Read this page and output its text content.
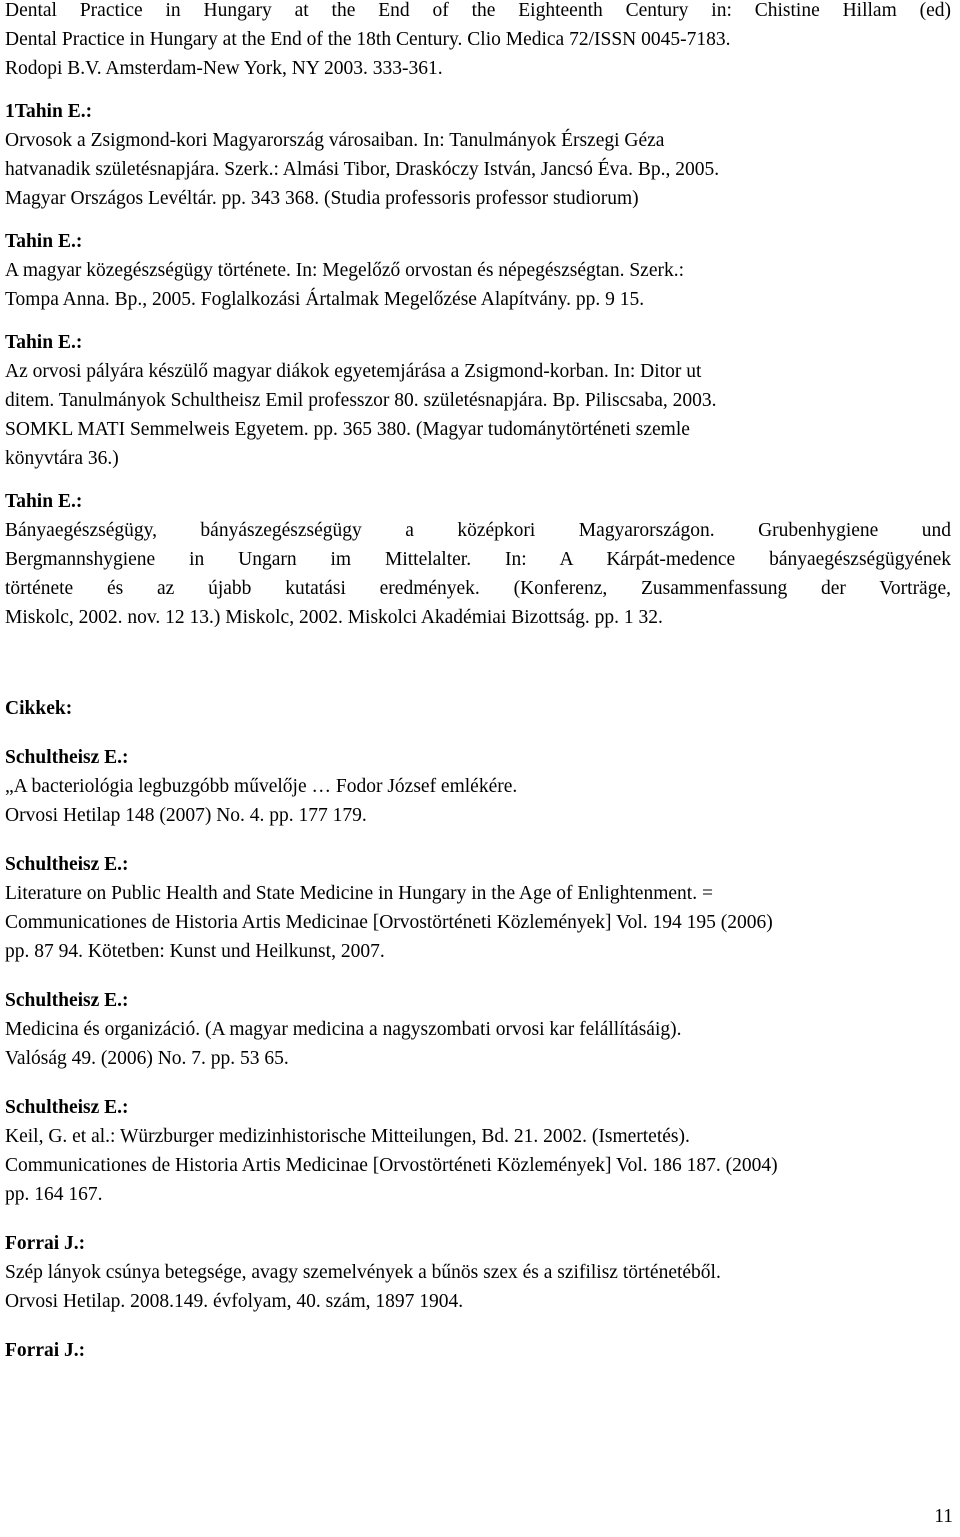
Dental Practice in Hungary at the End of the Eighteenth Century in: Chistine Hillam (ed)
Dental Practice in Hungary at the End of the 18th Century. Clio Medica 72/ISSN 0045-7183.
Rodopi B.V. Amsterdam-New York, NY 2003. 333-361.
1Tahin E.:
Orvosok a Zsigmond-kori Magyarország városaiban. In: Tanulmányok Érszegi Géza
hatvanadik születésnapjára. Szerk.: Almási Tibor, Draskóczy István, Jancsó Éva. Bp., 2005.
Magyar Országos Levéltár. pp. 343 368. (Studia professoris professor studiorum)
Tahin E.:
A magyar közegészségügy története. In: Megelőző orvostan és népegészségtan. Szerk.:
Tompa Anna. Bp., 2005. Foglalkozási Ártalmak Megelőzése Alapítvány. pp. 9 15.
Tahin E.:
Az orvosi pályára készülő magyar diákok egyetemjárása a Zsigmond-korban. In: Ditor ut
ditem. Tanulmányok Schultheisz Emil professzor 80. születésnapjára. Bp. Piliscsaba, 2003.
SOMKL MATI Semmelweis Egyetem. pp. 365 380. (Magyar tudománytörténeti szemle
könyvtára 36.)
Tahin E.:
Bányaegészségügy, bányászegészségügy a középkori Magyarországon. Grubenhygiene und
Bergmannshygiene in Ungarn im Mittelalter. In: A Kárpát-medence bányaegészségügyének
története és az újabb kutatási eredmények. (Konferenz, Zusammenfassung der Vorträge,
Miskolc, 2002. nov. 12 13.) Miskolc, 2002. Miskolci Akadémiai Bizottság. pp. 1 32.
Cikkek:
Schultheisz E.:
„A bacteriológia legbuzgóbb művelője … Fodor József emlékére.
Orvosi Hetilap 148 (2007) No. 4. pp. 177 179.
Schultheisz E.:
Literature on Public Health and State Medicine in Hungary in the Age of Enlightenment. =
Communicationes de Historia Artis Medicinae [Orvostörténeti Közlemények] Vol. 194 195 (2006)
pp. 87 94. Kötetben: Kunst und Heilkunst, 2007.
Schultheisz E.:
Medicina és organizáció. (A magyar medicina a nagyszombati orvosi kar felállításáig).
Valóság 49. (2006) No. 7. pp. 53 65.
Schultheisz E.:
Keil, G. et al.: Würzburger medizinhistorische Mitteilungen, Bd. 21. 2002. (Ismertetés).
Communicationes de Historia Artis Medicinae [Orvostörténeti Közlemények] Vol. 186 187. (2004)
pp. 164 167.
Forrai J.:
Szép lányok csúnya betegsége, avagy szemelvények a bűnös szex és a szifilisz történetéből.
Orvosi Hetilap. 2008.149. évfolyam, 40. szám, 1897 1904.
Forrai J.:
11
